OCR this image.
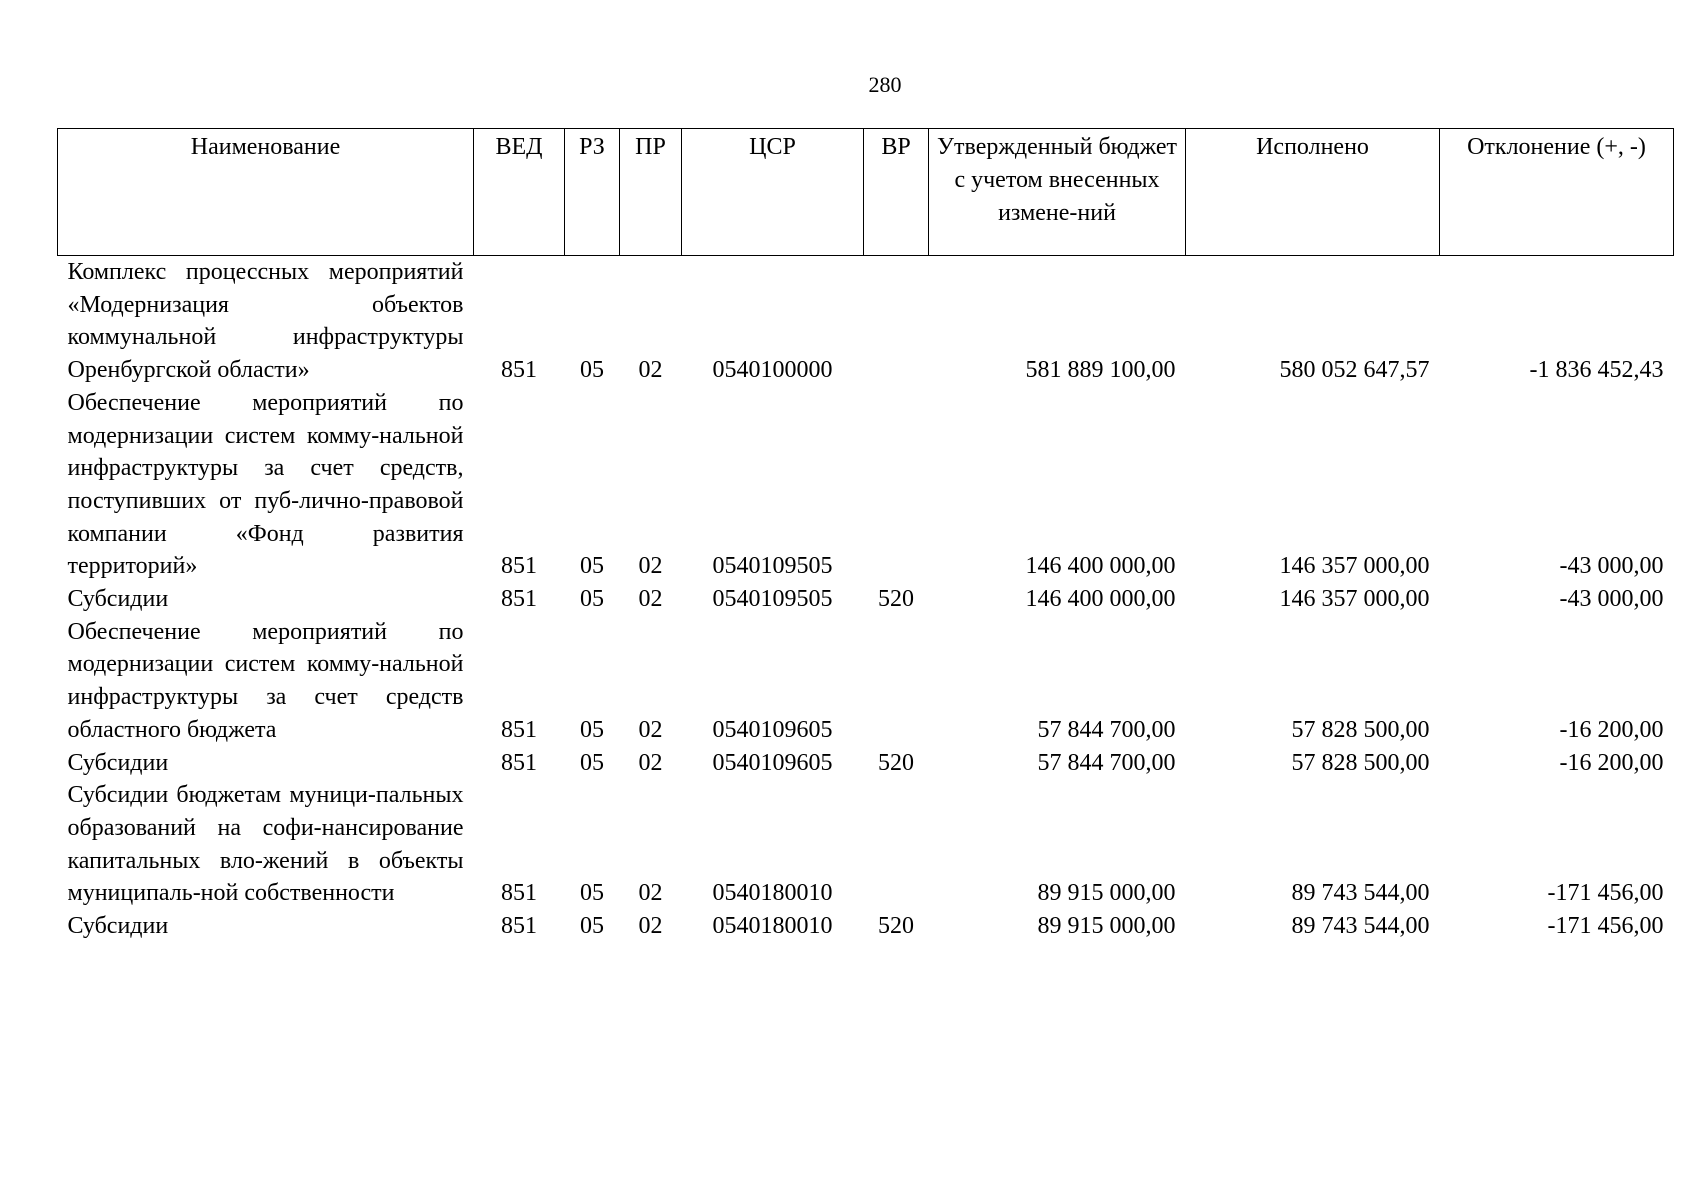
280
Наименование	ВЕД	РЗ	ПР	ЦСР	ВР	Утвержденный бюджет с учетом внесенных измене-ний	Исполнено	Отклонение (+, -)
Комплекс процессных мероприятий «Модернизация объектов коммунальной инфраструктуры Оренбургской области»	851	05	02	0540100000		581 889 100,00	580 052 647,57	-1 836 452,43
Обеспечение мероприятий по модернизации систем комму-нальной инфраструктуры за счет средств, поступивших от пуб-лично-правовой компании «Фонд развития территорий»	851	05	02	0540109505		146 400 000,00	146 357 000,00	-43 000,00
Субсидии	851	05	02	0540109505	520	146 400 000,00	146 357 000,00	-43 000,00
Обеспечение мероприятий по модернизации систем комму-нальной инфраструктуры за счет средств областного бюджета	851	05	02	0540109605		57 844 700,00	57 828 500,00	-16 200,00
Субсидии	851	05	02	0540109605	520	57 844 700,00	57 828 500,00	-16 200,00
Субсидии бюджетам муници-пальных образований на софи-нансирование капитальных вло-жений в объекты муниципаль-ной собственности	851	05	02	0540180010		89 915 000,00	89 743 544,00	-171 456,00
Субсидии	851	05	02	0540180010	520	89 915 000,00	89 743 544,00	-171 456,00
